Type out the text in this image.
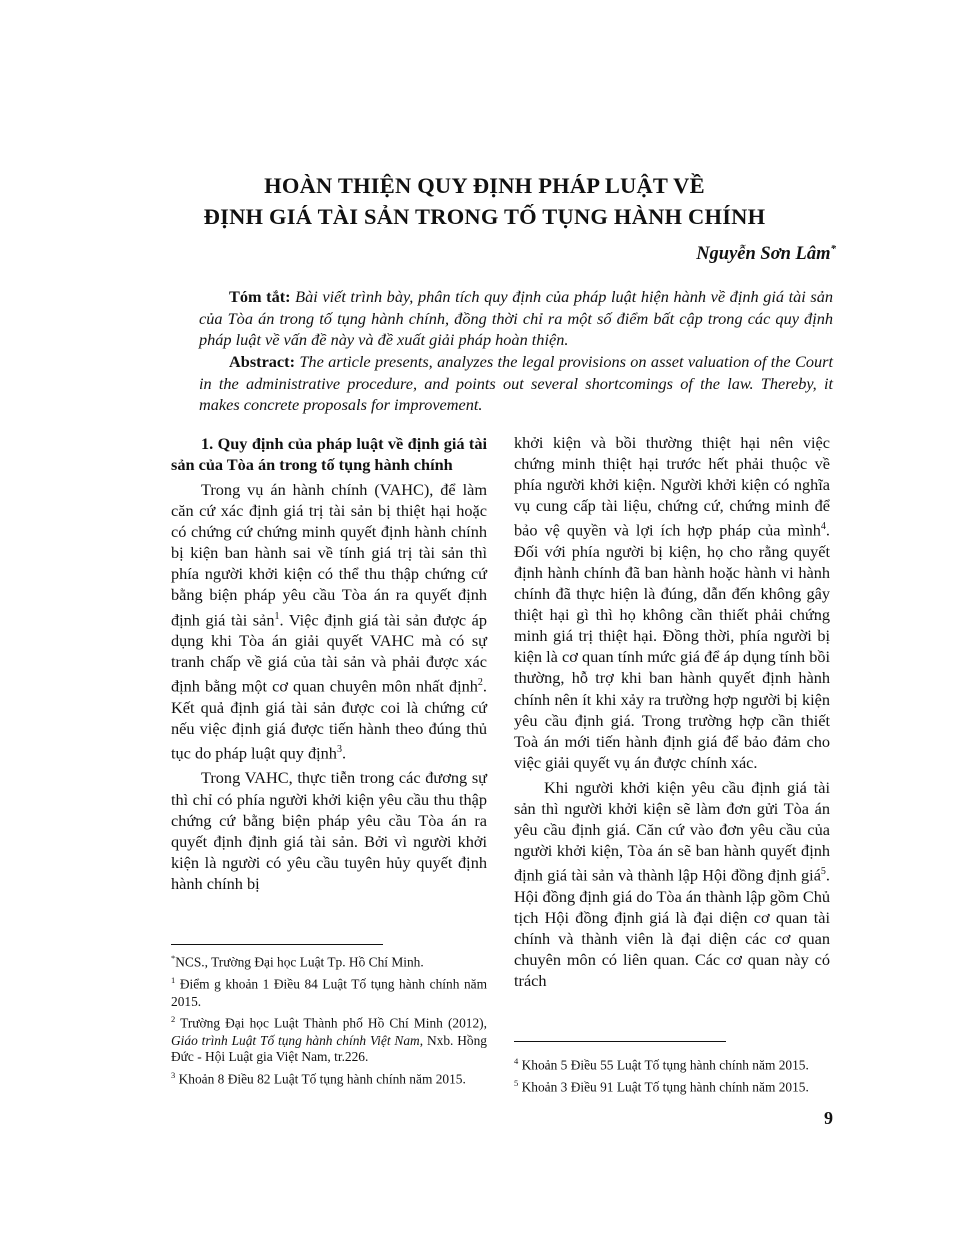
HOÀN THIỆN QUY ĐỊNH PHÁP LUẬT VỀ
ĐỊNH GIÁ TÀI SẢN TRONG TỐ TỤNG HÀNH CHÍNH
Nguyễn Sơn Lâm*
Tóm tắt: Bài viết trình bày, phân tích quy định của pháp luật hiện hành về định giá tài sản của Tòa án trong tố tụng hành chính, đồng thời chỉ ra một số điểm bất cập trong các quy định pháp luật về vấn đề này và đề xuất giải pháp hoàn thiện.
Abstract: The article presents, analyzes the legal provisions on asset valuation of the Court in the administrative procedure, and points out several shortcomings of the law. Thereby, it makes concrete proposals for improvement.
1. Quy định của pháp luật về định giá tài sản của Tòa án trong tố tụng hành chính

Trong vụ án hành chính (VAHC), để làm căn cứ xác định giá trị tài sản bị thiệt hại hoặc có chứng cứ chứng minh quyết định hành chính bị kiện ban hành sai về tính giá trị tài sản thì phía người khởi kiện có thể thu thập chứng cứ bằng biện pháp yêu cầu Tòa án ra quyết định định giá tài sản$^1$. Việc định giá tài sản được áp dụng khi Tòa án giải quyết VAHC mà có sự tranh chấp về giá của tài sản và phải được xác định bằng một cơ quan chuyên môn nhất định$^2$. Kết quả định giá tài sản được coi là chứng cứ nếu việc định giá được tiến hành theo đúng thủ tục do pháp luật quy định$^3$.

Trong VAHC, thực tiễn trong các đương sự thì chỉ có phía người khởi kiện yêu cầu thu thập chứng cứ bằng biện pháp yêu cầu Tòa án ra quyết định định giá tài sản. Bởi vì người khởi kiện là người có yêu cầu tuyên hủy quyết định hành chính bị

khởi kiện và bồi thường thiệt hại nên việc chứng minh thiệt hại trước hết phải thuộc về phía người khởi kiện. Người khởi kiện có nghĩa vụ cung cấp tài liệu, chứng cứ, chứng minh để bảo vệ quyền và lợi ích hợp pháp của mình$^4$. Đối với phía người bị kiện, họ cho rằng quyết định hành chính đã ban hành hoặc hành vi hành chính đã thực hiện là đúng, dẫn đến không gây thiệt hại gì thì họ không cần thiết phải chứng minh giá trị thiệt hại. Đồng thời, phía người bị kiện là cơ quan tính mức giá để áp dụng tính bồi thường, hỗ trợ khi ban hành quyết định hành chính nên ít khi xảy ra trường hợp người bị kiện yêu cầu định giá. Trong trường hợp cần thiết Toà án mới tiến hành định giá để bảo đảm cho việc giải quyết vụ án được chính xác.

Khi người khởi kiện yêu cầu định giá tài sản thì người khởi kiện sẽ làm đơn gửi Tòa án yêu cầu định giá. Căn cứ vào đơn yêu cầu của người khởi kiện, Tòa án sẽ ban hành quyết định định giá tài sản và thành lập Hội đồng định giá$^5$. Hội đồng định giá do Tòa án thành lập gồm Chủ tịch Hội đồng định giá là đại diện cơ quan tài chính và thành viên là đại diện các cơ quan chuyên môn có liên quan. Các cơ quan này có trách

*NCS., Trường Đại học Luật Tp. Hồ Chí Minh.
$^1$ Điểm g khoản 1 Điều 84 Luật Tố tụng hành chính năm 2015.
$^2$ Trường Đại học Luật Thành phố Hồ Chí Minh (2012), Giáo trình Luật Tố tụng hành chính Việt Nam, Nxb. Hồng Đức - Hội Luật gia Việt Nam, tr.226.
$^3$ Khoản 8 Điều 82 Luật Tố tụng hành chính năm 2015.
$^4$ Khoản 5 Điều 55 Luật Tố tụng hành chính năm 2015.
$^5$ Khoản 3 Điều 91 Luật Tố tụng hành chính năm 2015.
9
